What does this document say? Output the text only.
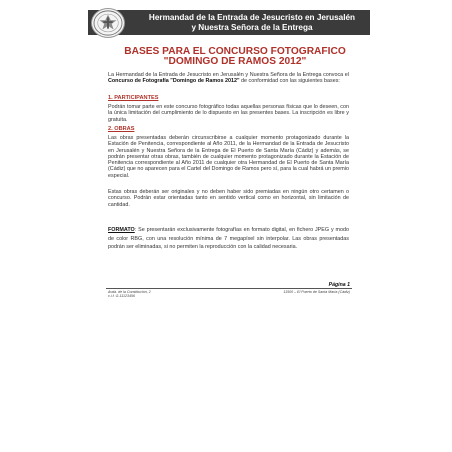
Hermandad de la Entrada de Jesucristo en Jerusalén
y Nuestra Señora de la Entrega
BASES PARA EL CONCURSO FOTOGRAFICO
"DOMINGO DE RAMOS 2012"
La Hermandad de la Entrada de Jesucristo en Jerusalén y Nuestra Señora de la Entrega convoca el Concurso de Fotografía "Domingo de Ramos 2012" de conformidad con las siguientes bases:
1. PARTICIPANTES
Podrán tomar parte en este concurso fotográfico todas aquellas personas físicas que lo deseen, con la única limitación del cumplimiento de lo dispuesto en las presentes bases. La inscripción es libre y gratuita.
2. OBRAS
Las obras presentadas deberán circunscribirse a cualquier momento protagonizado durante la Estación de Penitencia, correspondiente al Año 2011, de la Hermandad de la Entrada de Jesucristo en Jerusalén y Nuestra Señora de la Entrega de El Puerto de Santa María (Cádiz) y además, se podrán presentar otras obras, también de cualquier momento protagonizado durante la Estación de Penitencia correspondiente al Año 2011 de cualquier otra Hermandad de El Puerto de Santa María (Cádiz) que no aparecen para el Cartel del Domingo de Ramos pero sí, para la cual habrá un premio especial.
Estas obras deberán ser originales y no deben haber sido premiadas en ningún otro certamen o concurso. Podrán estar orientadas tanto en sentido vertical como en horizontal, sin limitación de cantidad.
FORMATO: Se presentarán exclusivamente fotografías en formato digital, en fichero JPEG y modo de color RBG, con una resolución mínima de 7 megapíxel sin interpolar. Las obras presentadas podrán ser eliminadas, si no permiten la reproducción con la calidad necesaria.
Página 1
Avda. de la Constitución, 2
c.i.f. G-11123456
11500 – El Puerto de Santa María (Cádiz)
